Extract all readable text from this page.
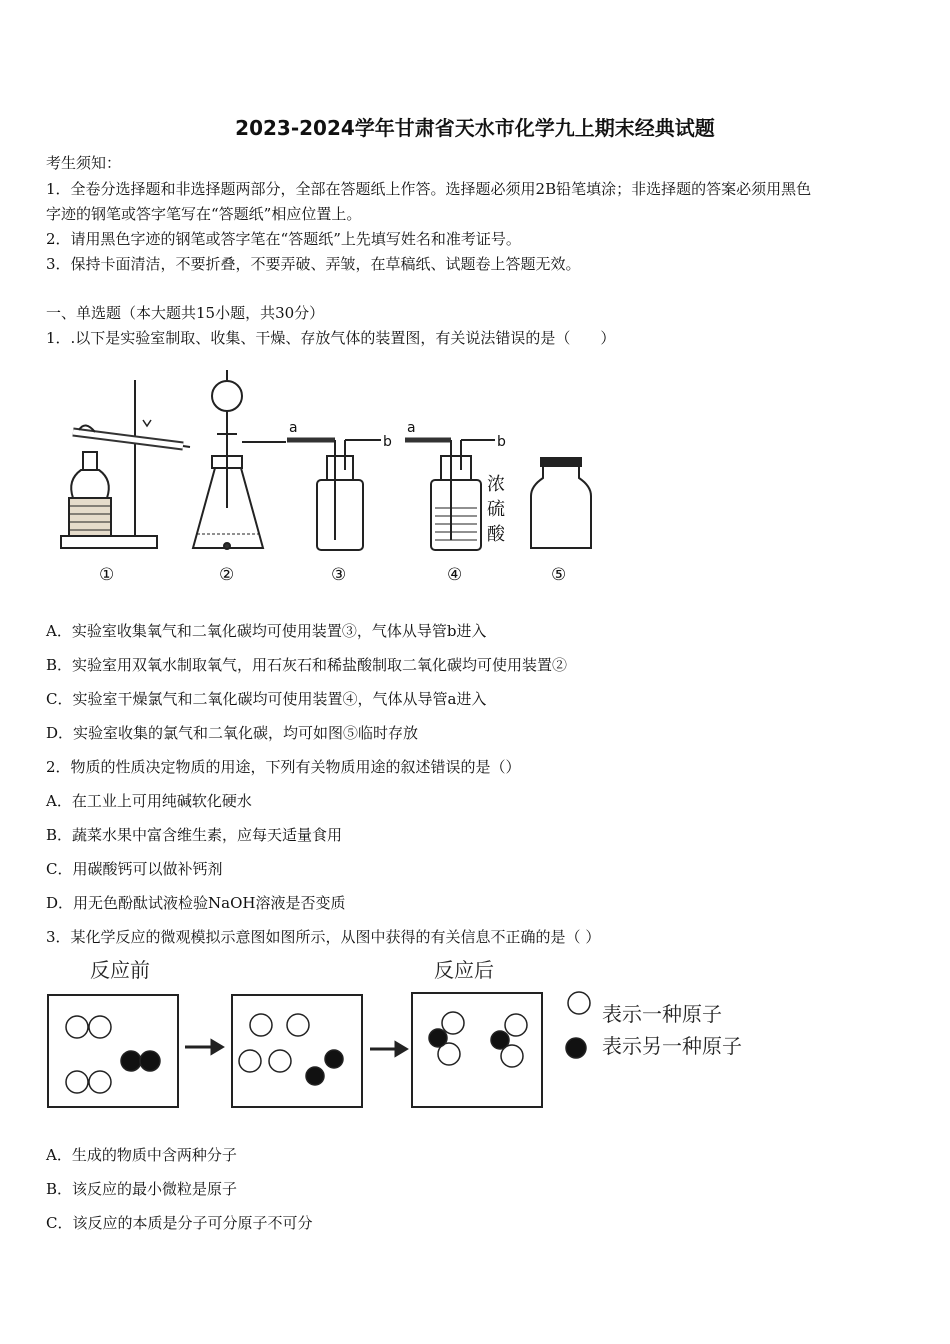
2023-2024学年甘肃省天水市化学九上期末经典试题
考生须知：
1．全卷分选择题和非选择题两部分，全部在答题纸上作答。选择题必须用2B铅笔填涂；非选择题的答案必须用黑色
字迹的钢笔或答字笔写在“答题纸”相应位置上。
2．请用黑色字迹的钢笔或答字笔在“答题纸”上先填写姓名和准考证号。
3．保持卡面清洁，不要折叠，不要弄破、弄皱，在草稿纸、试题卷上答题无效。
一、单选题（本大题共15小题，共30分）
1．.以下是实验室制取、收集、干燥、存放气体的装置图，有关说法错误的是（　　）
a
b
a
b
浓
硫
酸
①	②	③	④	⑤
A．实验室收集氧气和二氧化碳均可使用装置③，气体从导管b进入
B．实验室用双氧水制取氧气，用石灰石和稀盐酸制取二氧化碳均可使用装置②
C．实验室干燥氯气和二氧化碳均可使用装置④，气体从导管a进入
D．实验室收集的氯气和二氧化碳，均可如图⑤临时存放
2．物质的性质决定物质的用途，下列有关物质用途的叙述错误的是（）
A．在工业上可用纯碱软化硬水
B．蔬菜水果中富含维生素，应每天适量食用
C．用碳酸钙可以做补钙剂
D．用无色酚酞试液检验NaOH溶液是否变质
3．某化学反应的微观模拟示意图如图所示，从图中获得的有关信息不正确的是（ ）
反应前	反应后
表示一种原子
表示另一种原子
A．生成的物质中含两种分子
B．该反应的最小微粒是原子
C．该反应的本质是分子可分原子不可分
